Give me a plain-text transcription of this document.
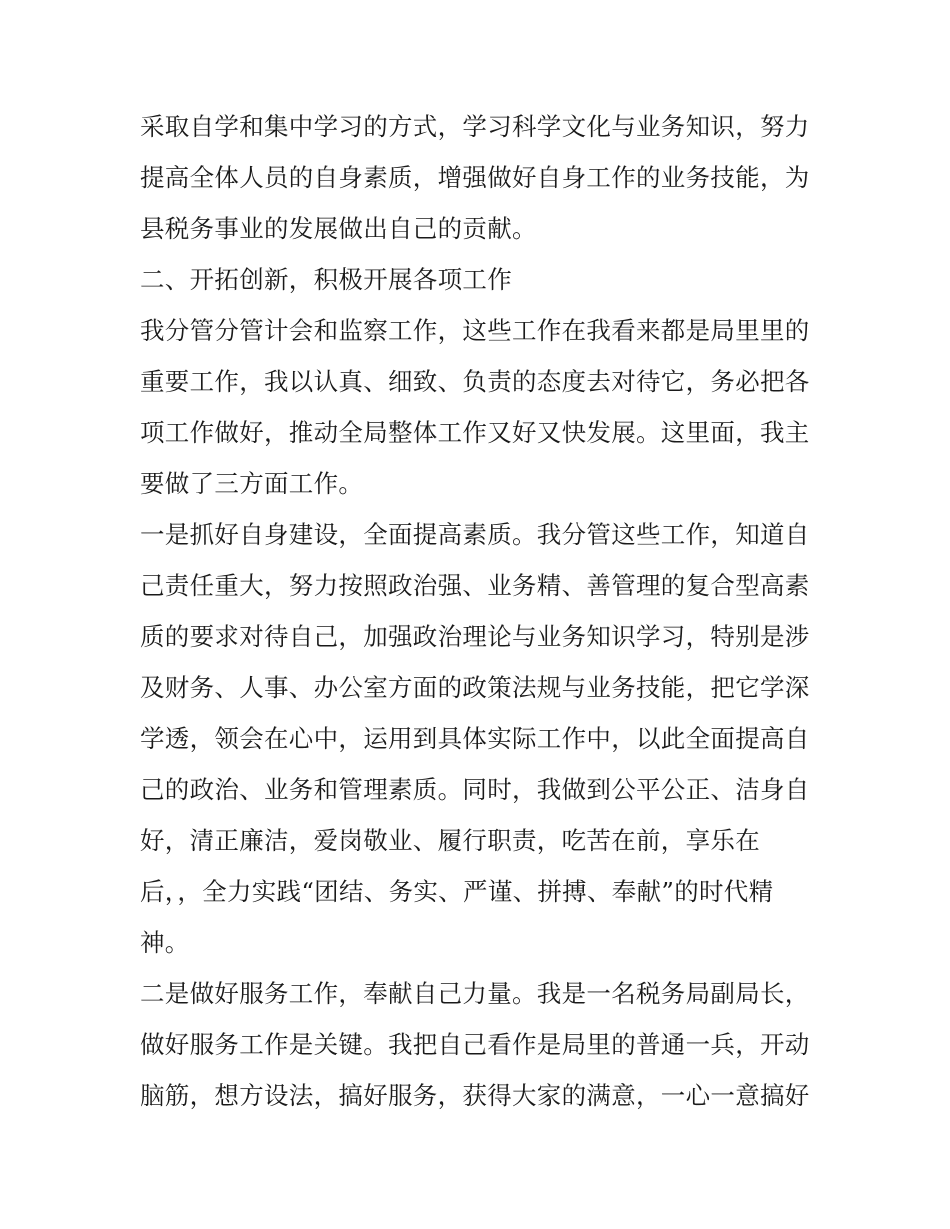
采取自学和集中学习的方式，学习科学文化与业务知识，努力
提高全体人员的自身素质，增强做好自身工作的业务技能，为
县税务事业的发展做出自己的贡献。
二、开拓创新，积极开展各项工作
我分管分管计会和监察工作，这些工作在我看来都是局里里的
重要工作，我以认真、细致、负责的态度去对待它，务必把各
项工作做好，推动全局整体工作又好又快发展。这里面，我主
要做了三方面工作。
一是抓好自身建设，全面提高素质。我分管这些工作，知道自
己责任重大，努力按照政治强、业务精、善管理的复合型高素
质的要求对待自己，加强政治理论与业务知识学习，特别是涉
及财务、人事、办公室方面的政策法规与业务技能，把它学深
学透，领会在心中，运用到具体实际工作中，以此全面提高自
己的政治、业务和管理素质。同时，我做到公平公正、洁身自
好，清正廉洁，爱岗敬业、履行职责，吃苦在前，享乐在
后，，全力实践“团结、务实、严谨、拼搏、奉献”的时代精
神。
二是做好服务工作，奉献自己力量。我是一名税务局副局长，
做好服务工作是关键。我把自己看作是局里的普通一兵，开动
脑筋，想方设法，搞好服务，获得大家的满意，一心一意搞好
